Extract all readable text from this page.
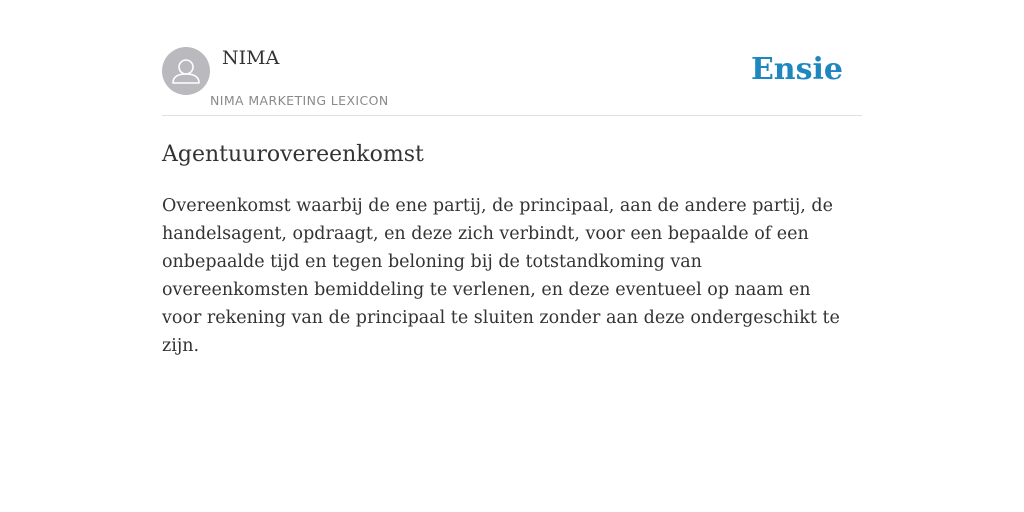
NIMA
NIMA MARKETING LEXICON
Ensie
Agentuurovereenkomst

Overeenkomst waarbij de ene partij, de principaal, aan de andere partij, de handelsagent, opdraagt, en deze zich verbindt, voor een bepaalde of een onbepaalde tijd en tegen beloning bij de totstandkoming van overeenkomsten bemiddeling te verlenen, en deze eventueel op naam en voor rekening van de principaal te sluiten zonder aan deze ondergeschikt te zijn.
